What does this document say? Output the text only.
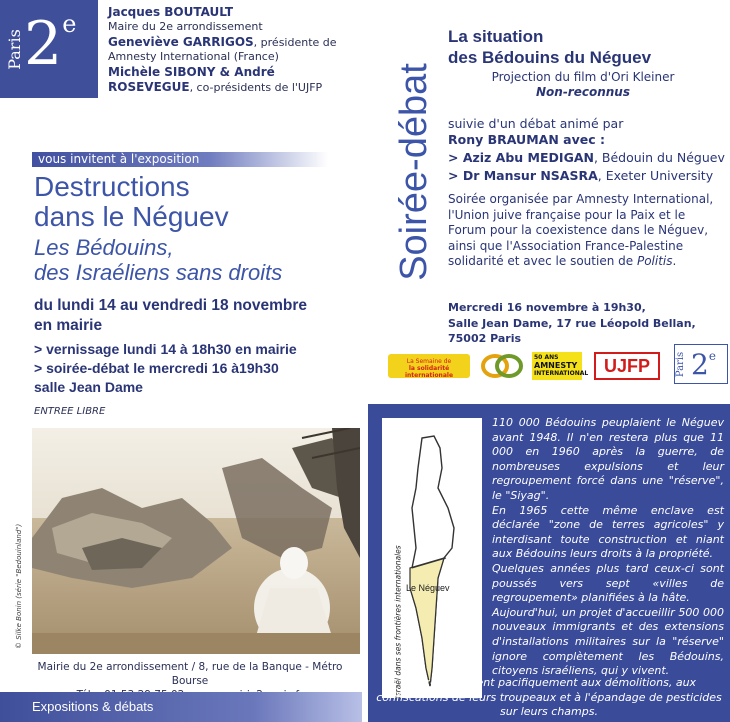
Paris 2e	Jacques BOUTAULT
Maire du 2e arrondissement
Geneviève GARRIGOS, présidente de Amnesty International (France)
Michèle SIBONY & André ROSEVEGUE, co-présidents de l'UJFP
vous invitent à l'exposition
Destructions
dans le Néguev
Les Bédouins,
des Israéliens sans droits
du lundi 14 au vendredi 18 novembre
en mairie
> vernissage lundi 14 à 18h30 en mairie
> soirée-débat le mercredi 16 à19h30
salle Jean Dame
ENTREE LIBRE
© Silke Bonin (série "Bedouinland")
Mairie du 2e arrondissement / 8, rue de la Banque - Métro Bourse
Expositions & débats
Soirée-débat
La situation
des Bédouins du Néguev
Projection du film d'Ori Kleiner
Non-reconnus
suivie d'un débat animé par
Rony BRAUMAN avec :
> Aziz Abu MEDIGAN, Bédouin du Néguev
> Dr Mansur NSASRA, Exeter University
Soirée organisée par Amnesty International, l'Union juive française pour la Paix et le Forum pour la coexistence dans le Néguev, ainsi que l'Association France-Palestine solidarité et avec le soutien de Politis.
Mercredi 16 novembre à 19h30,
Salle Jean Dame, 17 rue Léopold Bellan,
75002 Paris
La Semaine de
la solidarité internationale
50 ANS
AMNESTY
INTERNATIONAL UJFP	Paris 2e
Le Néguev
Israël dans ses frontières internationales

110 000 Bédouins peuplaient le Néguev avant 1948. Il n'en restera plus que 11 000 en 1960 après la guerre, de nombreuses expulsions et leur regroupement forcé dans une "réserve", le "Siyag".

En 1965 cette même enclave est déclarée "zone de terres agricoles" y interdisant toute construction et niant aux Bédouins leurs droits à la propriété.

Quelques années plus tard ceux-ci sont poussés vers sept «villes de regroupement» planifiées à la hâte.

Aujourd'hui, un projet d'accueillir 500 000 nouveaux immigrants et des extensions d'installations militaires sur la "réserve" ignore complètement les Bédouins, citoyens israéliens, qui y vivent.

Ceux-ci résistent pacifiquement aux démolitions, aux confiscations de leurs troupeaux et à l'épandage de pesticides sur leurs champs.
